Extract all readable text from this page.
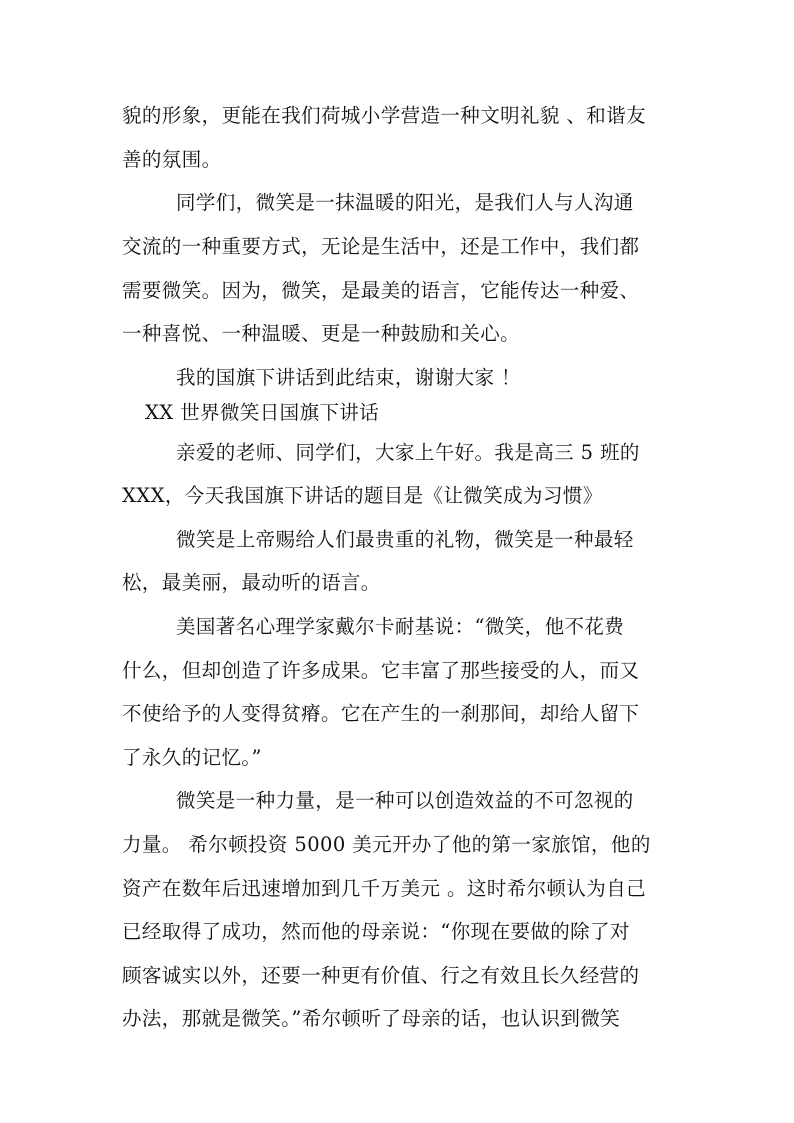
貌的形象，更能在我们荷城小学营造一种文明礼貌 、和谐友
善的氛围。
同学们，微笑是一抹温暖的阳光，是我们人与人沟通
交流的一种重要方式，无论是生活中，还是工作中，我们都
需要微笑。因为，微笑，是最美的语言，它能传达一种爱、
一种喜悦、一种温暖、更是一种鼓励和关心。
我的国旗下讲话到此结束，谢谢大家 ！
XX 世界微笑日国旗下讲话
亲爱的老师、同学们，大家上午好。我是高三 5 班的
XXX，今天我国旗下讲话的题目是《让微笑成为习惯》
微笑是上帝赐给人们最贵重的礼物，微笑是一种最轻
松，最美丽，最动听的语言。
美国著名心理学家戴尔卡耐基说：“微笑，他不花费
什么，但却创造了许多成果。它丰富了那些接受的人，而又
不使给予的人变得贫瘠。它在产生的一刹那间，却给人留下
了永久的记忆。”
微笑是一种力量，是一种可以创造效益的不可忽视的
力量。 希尔顿投资 5000 美元开办了他的第一家旅馆，他的
资产在数年后迅速增加到几千万美元 。这时希尔顿认为自己
已经取得了成功，然而他的母亲说：“你现在要做的除了对
顾客诚实以外，还要一种更有价值、行之有效且长久经营的
办法，那就是微笑。”希尔顿听了母亲的话，也认识到微笑
